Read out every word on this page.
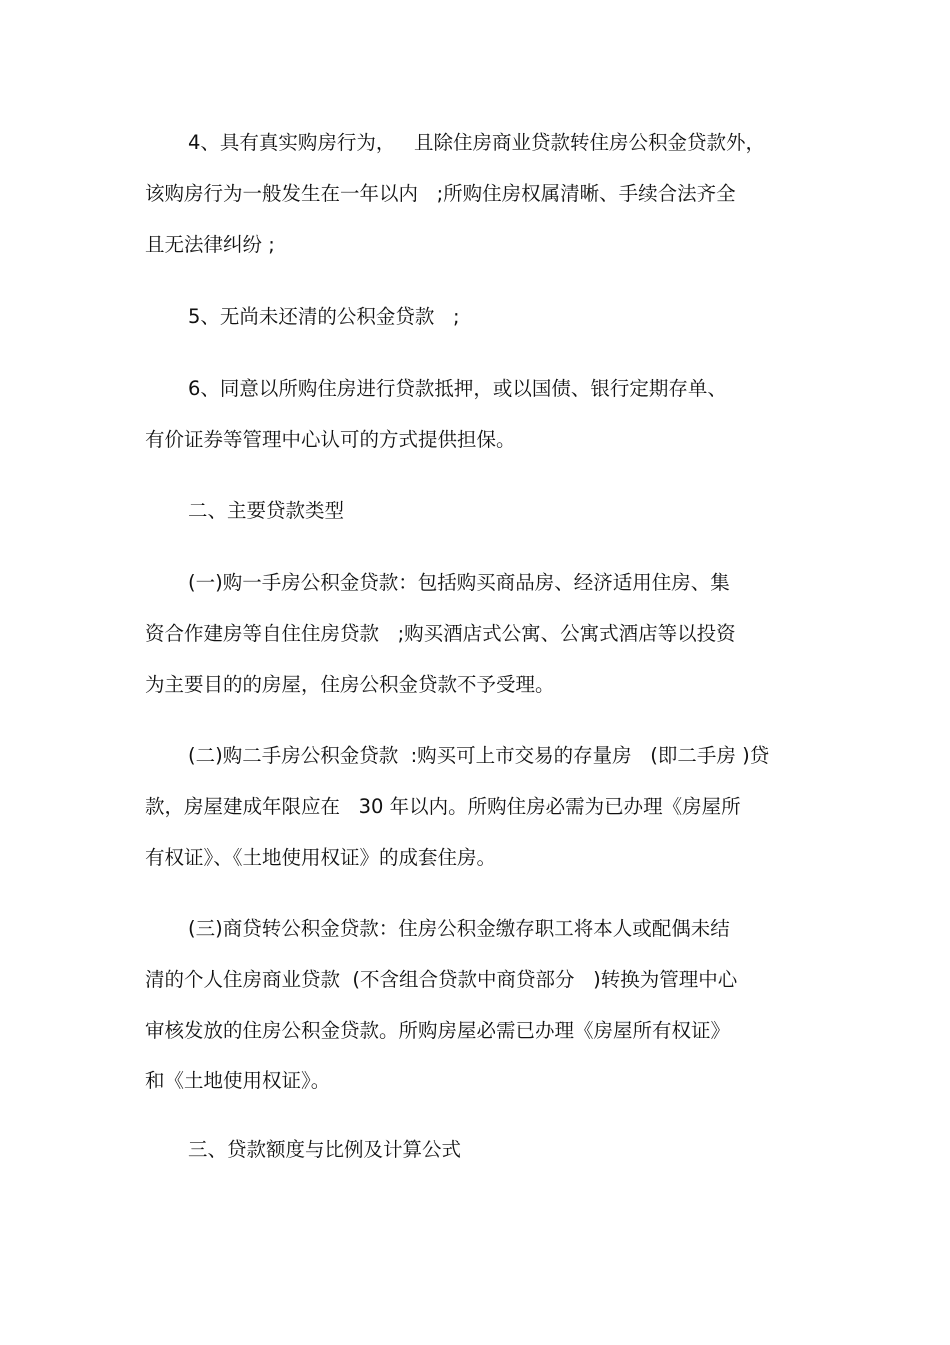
4、具有真实购房行为，   且除住房商业贷款转住房公积金贷款外，
该购房行为一般发生在一年以内   ;所购住房权属清晰、手续合法齐全
且无法律纠纷 ;
5、无尚未还清的公积金贷款   ;
6、同意以所购住房进行贷款抵押，或以国债、银行定期存单、
有价证券等管理中心认可的方式提供担保。
二、主要贷款类型
(一)购一手房公积金贷款：包括购买商品房、经济适用住房、集
资合作建房等自住住房贷款   ;购买酒店式公寓、公寓式酒店等以投资
为主要目的的房屋，住房公积金贷款不予受理。
(二)购二手房公积金贷款  :购买可上市交易的存量房   (即二手房 )贷
款，房屋建成年限应在   30 年以内。所购住房必需为已办理《房屋所
有权证》、《土地使用权证》的成套住房。
(三)商贷转公积金贷款：住房公积金缴存职工将本人或配偶未结
清的个人住房商业贷款  (不含组合贷款中商贷部分   )转换为管理中心
审核发放的住房公积金贷款。所购房屋必需已办理《房屋所有权证》
和《土地使用权证》。
三、贷款额度与比例及计算公式
